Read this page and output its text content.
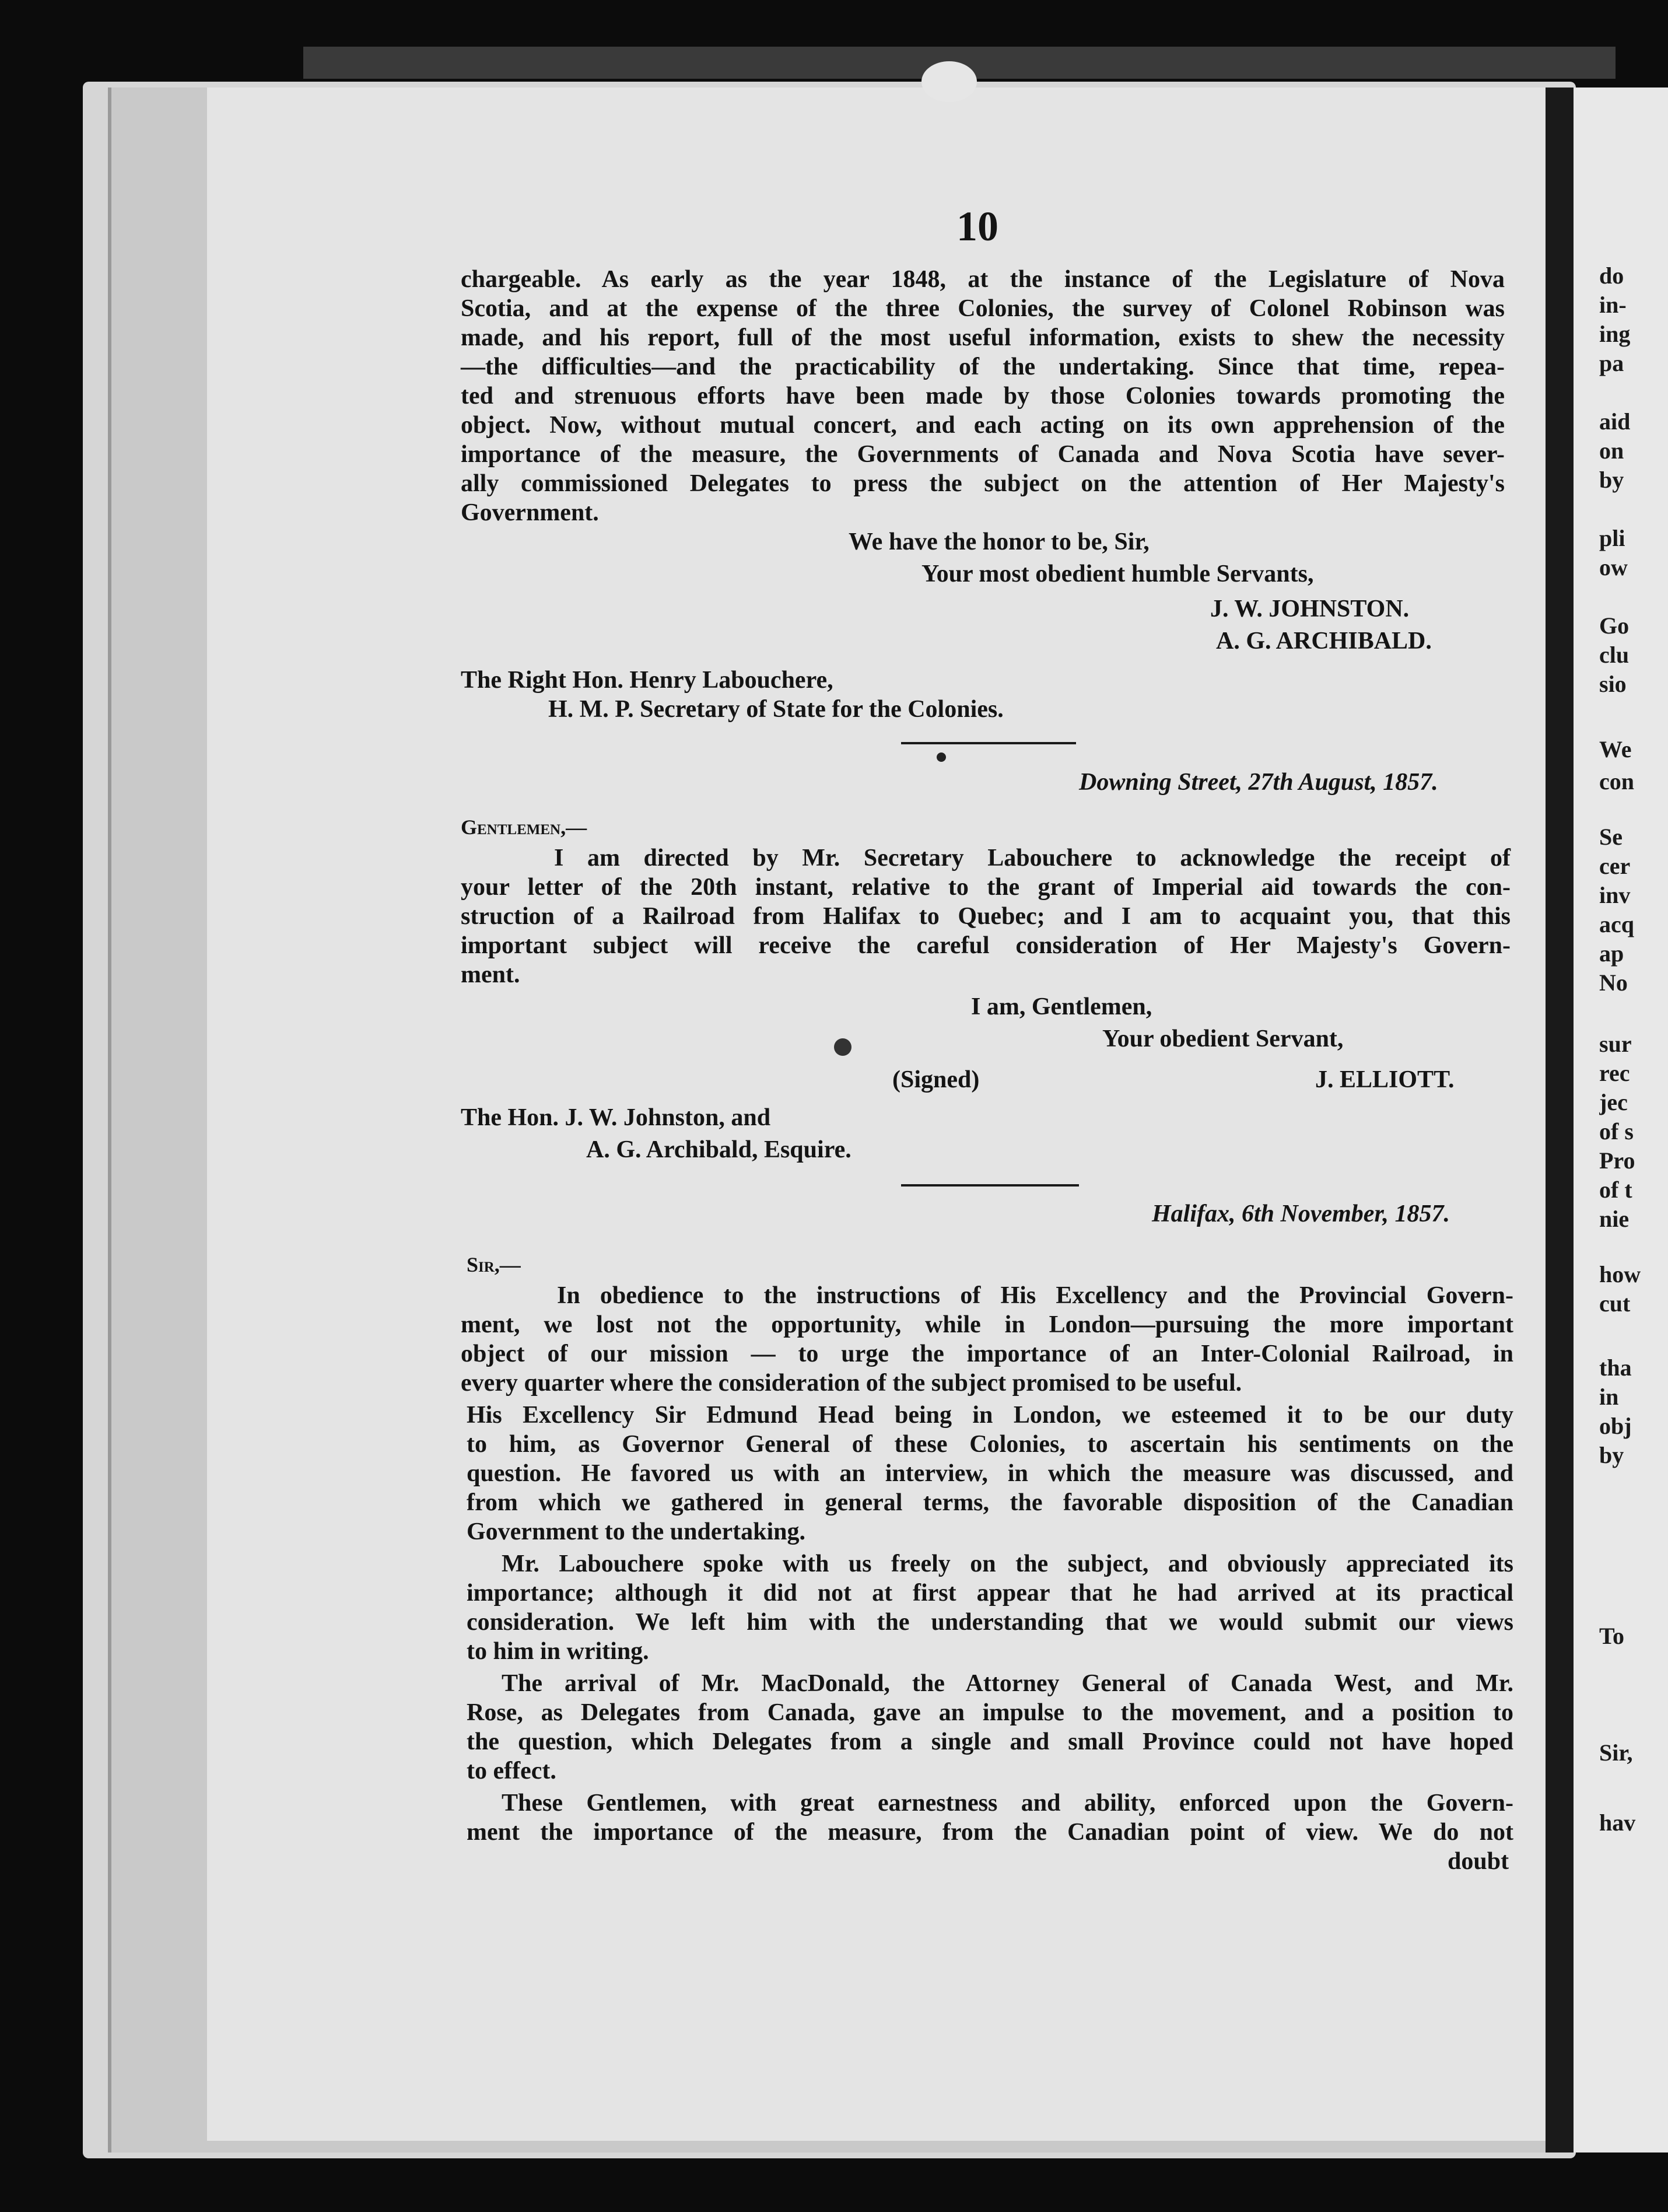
10
chargeable. As early as the year 1848, at the instance of the Legislature of Nova
Scotia, and at the expense of the three Colonies, the survey of Colonel Robinson was
made, and his report, full of the most useful information, exists to shew the necessity
—the difficulties—and the practicability of the undertaking. Since that time, repea-
ted and strenuous efforts have been made by those Colonies towards promoting the
object. Now, without mutual concert, and each acting on its own apprehension of the
importance of the measure, the Governments of Canada and Nova Scotia have sever-
ally commissioned Delegates to press the subject on the attention of Her Majesty's
Government.
We have the honor to be, Sir,
Your most obedient humble Servants,
J. W. JOHNSTON.
A. G. ARCHIBALD.
The Right Hon. Henry Labouchere,
H. M. P. Secretary of State for the Colonies.
Downing Street, 27th August, 1857.
Gentlemen,—
I am directed by Mr. Secretary Labouchere to acknowledge the receipt of
your letter of the 20th instant, relative to the grant of Imperial aid towards the con-
struction of a Railroad from Halifax to Quebec; and I am to acquaint you, that this
important subject will receive the careful consideration of Her Majesty's Govern-
ment.
I am, Gentlemen,
Your obedient Servant,
(Signed)	J. ELLIOTT.
The Hon. J. W. Johnston, and
A. G. Archibald, Esquire.
Halifax, 6th November, 1857.
Sir,—
In obedience to the instructions of His Excellency and the Provincial Govern-
ment, we lost not the opportunity, while in London—pursuing the more important
object of our mission — to urge the importance of an Inter-Colonial Railroad, in
every quarter where the consideration of the subject promised to be useful.
His Excellency Sir Edmund Head being in London, we esteemed it to be our duty
to him, as Governor General of these Colonies, to ascertain his sentiments on the
question. He favored us with an interview, in which the measure was discussed, and
from which we gathered in general terms, the favorable disposition of the Canadian
Government to the undertaking.
Mr. Labouchere spoke with us freely on the subject, and obviously appreciated its
importance; although it did not at first appear that he had arrived at its practical
consideration. We left him with the understanding that we would submit our views
to him in writing.
The arrival of Mr. MacDonald, the Attorney General of Canada West, and Mr.
Rose, as Delegates from Canada, gave an impulse to the movement, and a position to
the question, which Delegates from a single and small Province could not have hoped
to effect.
These Gentlemen, with great earnestness and ability, enforced upon the Govern-
ment the importance of the measure, from the Canadian point of view. We do not
doubt
do
in-
ing
pa
aid
on
by
pli
ow
Go
clu
sio
We
con
Se
cer
inv
acq
ap
No
sur
rec
jec
of s
Pro
of t
nie
how
cut
tha
in
obj
by
To
Sir,
hav
